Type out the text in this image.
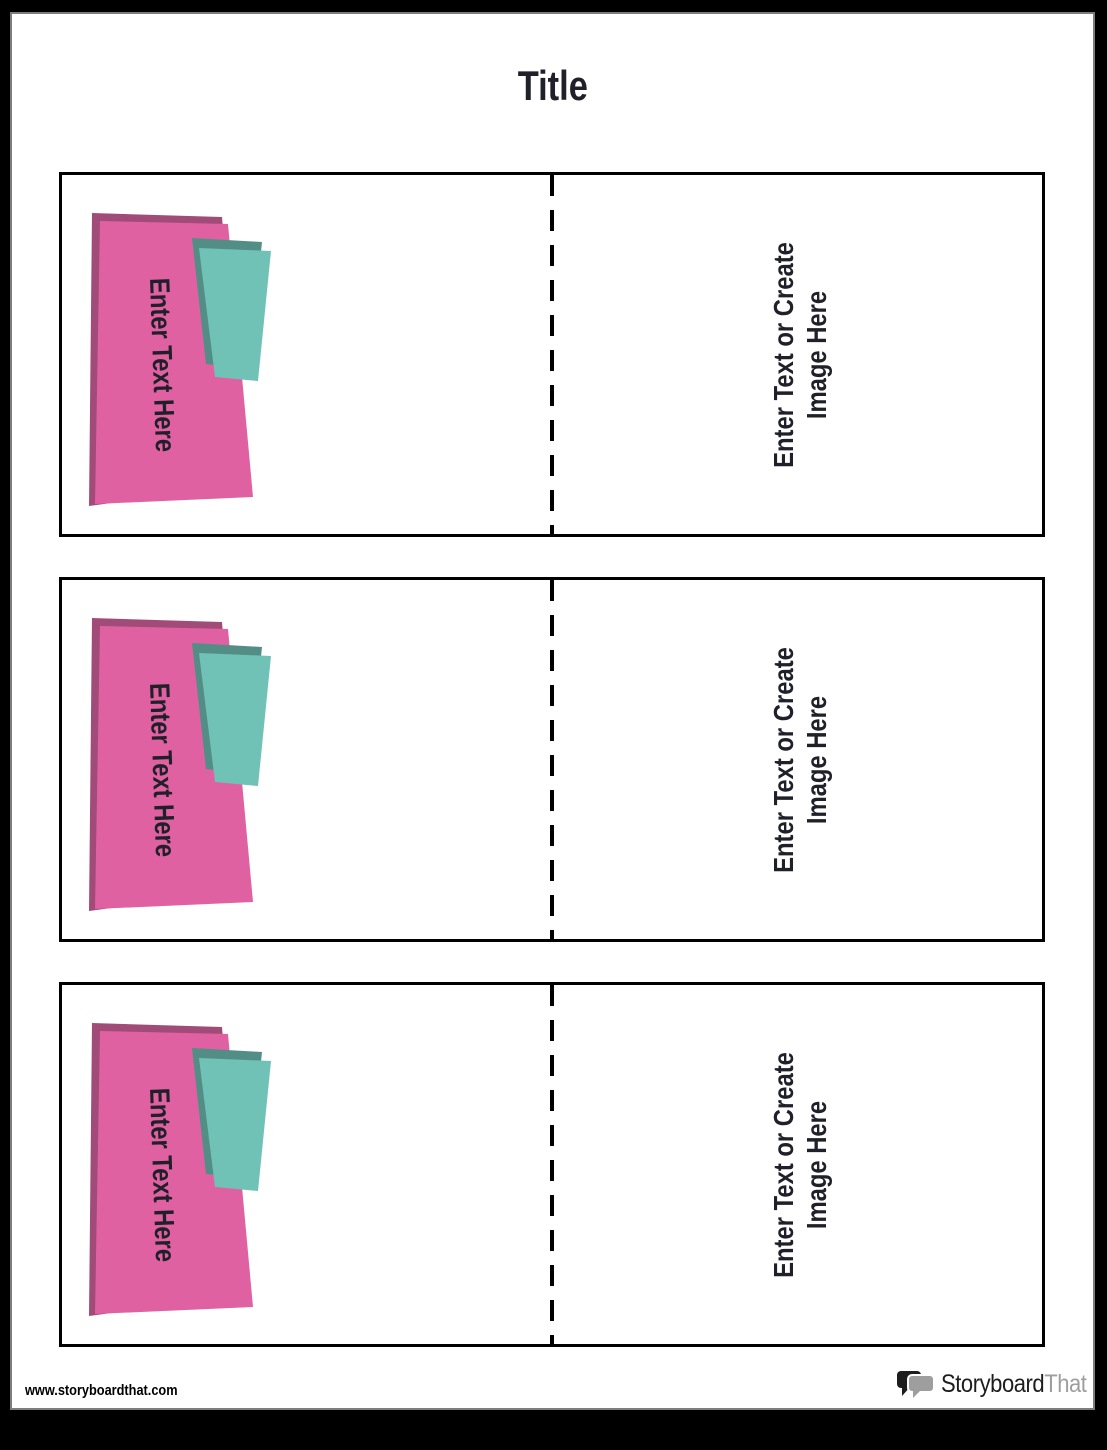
Title
Enter Text Here	Enter Text or Create Image Here
Enter Text Here	Enter Text or Create Image Here
Enter Text Here	Enter Text or Create Image Here
www.storyboardthat.com	StoryboardThat
